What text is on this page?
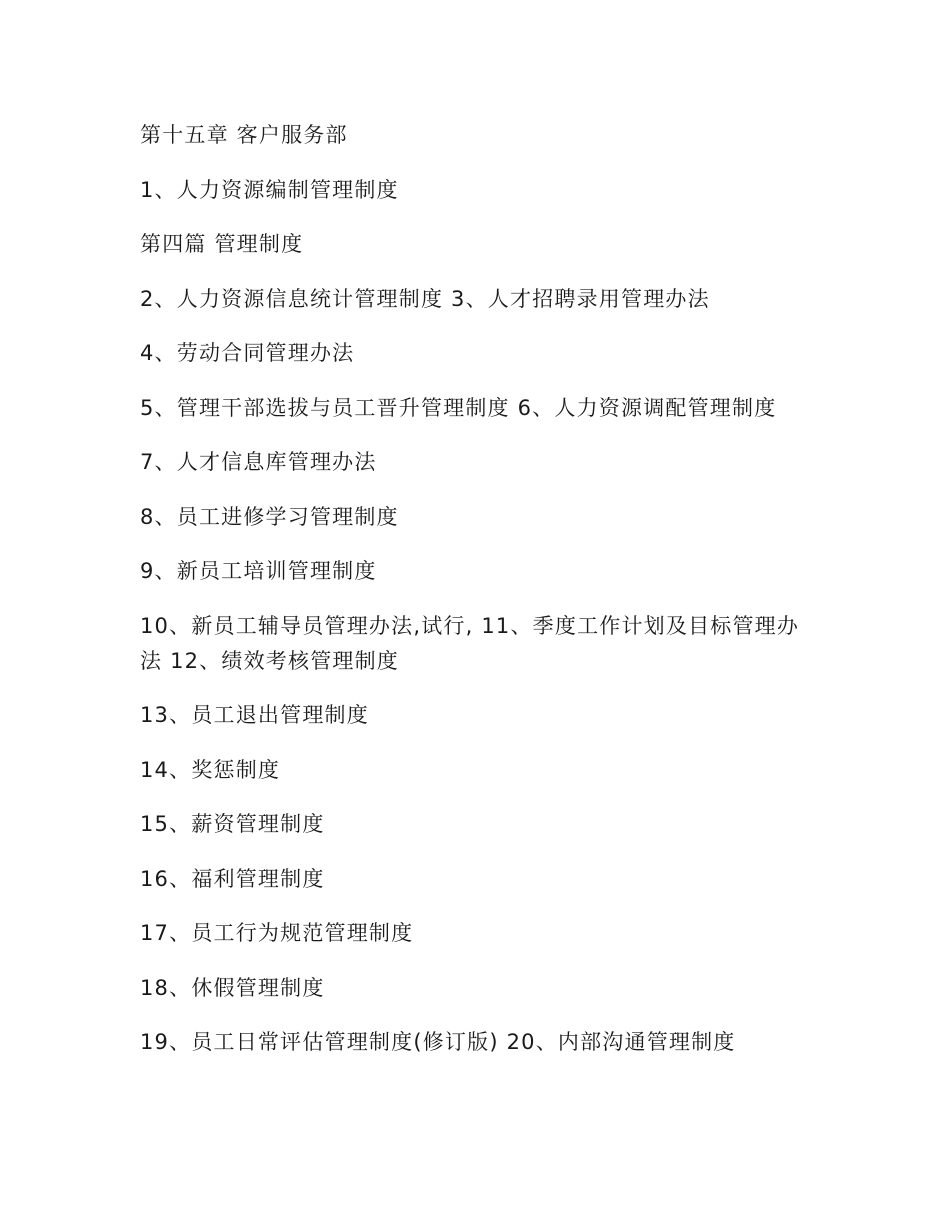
第十五章 客户服务部

1、人力资源编制管理制度

第四篇 管理制度

2、人力资源信息统计管理制度 3、人才招聘录用管理办法

4、劳动合同管理办法

5、管理干部选拔与员工晋升管理制度 6、人力资源调配管理制度

7、人才信息库管理办法

8、员工进修学习管理制度

9、新员工培训管理制度

10、新员工辅导员管理办法,试行, 11、季度工作计划及目标管理办法 12、绩效考核管理制度

13、员工退出管理制度

14、奖惩制度

15、薪资管理制度

16、福利管理制度

17、员工行为规范管理制度

18、休假管理制度

19、员工日常评估管理制度(修订版) 20、内部沟通管理制度
